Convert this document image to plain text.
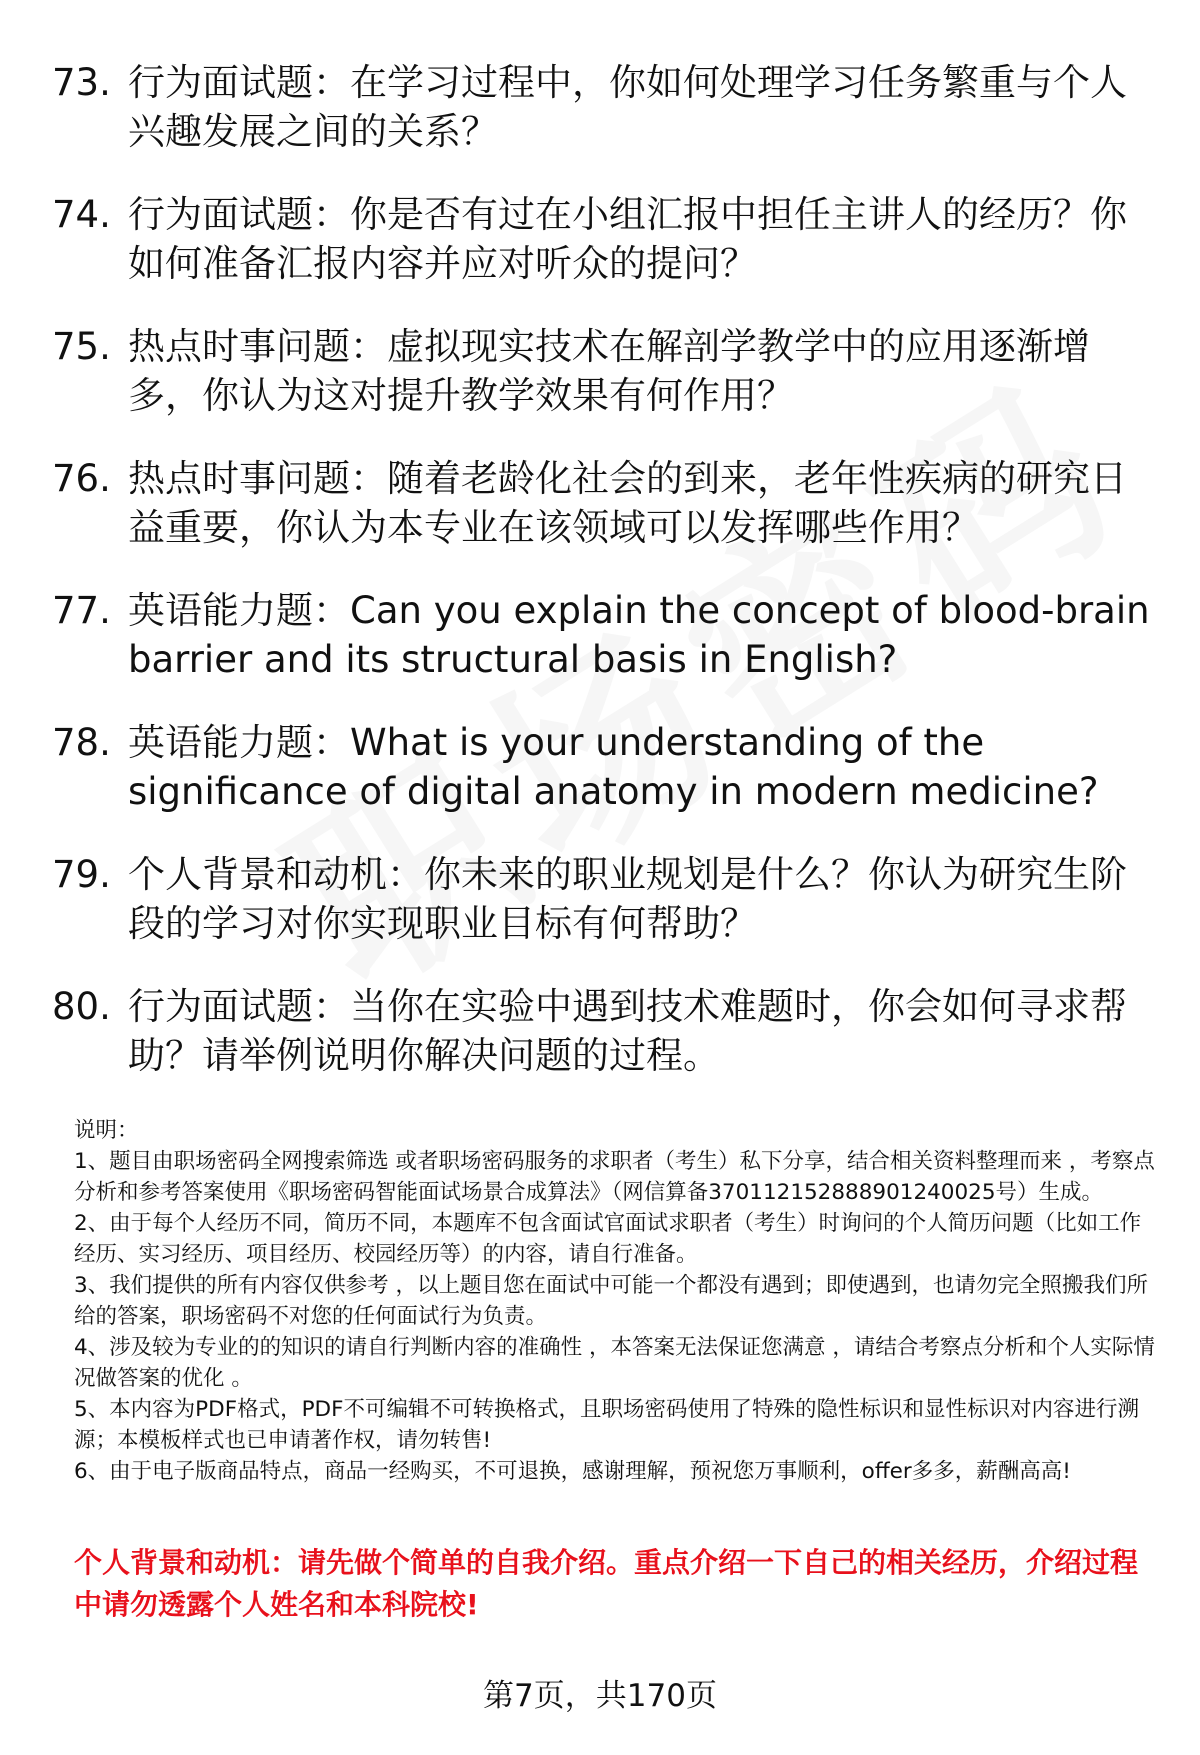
73. 行为面试题：在学习过程中，你如何处理学习任务繁重与个人兴趣发展之间的关系？
74. 行为面试题：你是否有过在小组汇报中担任主讲人的经历？你如何准备汇报内容并应对听众的提问？
75. 热点时事问题：虚拟现实技术在解剖学教学中的应用逐渐增多，你认为这对提升教学效果有何作用？
76. 热点时事问题：随着老龄化社会的到来，老年性疾病的研究日益重要，你认为本专业在该领域可以发挥哪些作用？
77. 英语能力题：Can you explain the concept of blood-brain barrier and its structural basis in English?
78. 英语能力题：What is your understanding of the significance of digital anatomy in modern medicine?
79. 个人背景和动机：你未来的职业规划是什么？你认为研究生阶段的学习对你实现职业目标有何帮助？
80. 行为面试题：当你在实验中遇到技术难题时，你会如何寻求帮助？请举例说明你解决问题的过程。

说明：

1、题目由职场密码全网搜索筛选 或者职场密码服务的求职者（考生）私下分享，结合相关资料整理而来 ，考察点分析和参考答案使用《职场密码智能面试场景合成算法》（网信算备370112152888901240025号）生成。

2、由于每个人经历不同，简历不同，本题库不包含面试官面试求职者（考生）时询问的个人简历问题（比如工作经历、实习经历、项目经历、校园经历等）的内容，请自行准备。

3、我们提供的所有内容仅供参考 ，以上题目您在面试中可能一个都没有遇到；即使遇到，也请勿完全照搬我们所给的答案，职场密码不对您的任何面试行为负责。

4、涉及较为专业的的知识的请自行判断内容的准确性 ，本答案无法保证您满意 ，请结合考察点分析和个人实际情况做答案的优化 。

5、本内容为PDF格式，PDF不可编辑不可转换格式，且职场密码使用了特殊的隐性标识和显性标识对内容进行溯源；本模板样式也已申请著作权，请勿转售!

6、由于电子版商品特点，商品一经购买，不可退换，感谢理解，预祝您万事顺利，offer多多，薪酬高高!

个人背景和动机：请先做个简单的自我介绍。重点介绍一下自己的相关经历，介绍过程中请勿透露个人姓名和本科院校!
第7页，共170页
